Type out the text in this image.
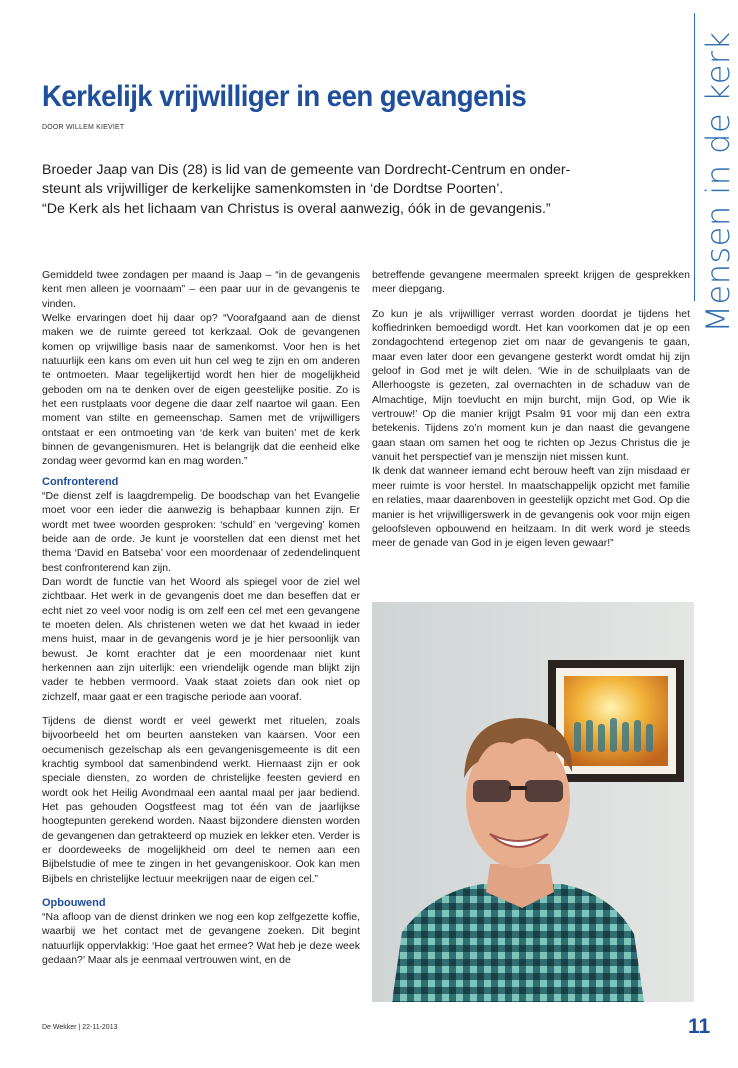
Mensen in de kerk
Kerkelijk vrijwilliger in een gevangenis
DOOR WILLEM KIEVIET

Broeder Jaap van Dis (28) is lid van de gemeente van Dordrecht-Centrum en onder-

steunt als vrijwilliger de kerkelijke samenkomsten in ‘de Dordtse Poorten’.

“De Kerk als het lichaam van Christus is overal aanwezig, óók in de gevangenis.”

Gemiddeld twee zondagen per maand is Jaap – “in de gevangenis kent men alleen je voornaam” – een paar uur in de gevangenis te vinden.

Welke ervaringen doet hij daar op? “Voorafgaand aan de dienst maken we de ruimte gereed tot kerkzaal. Ook de gevangenen komen op vrijwillige basis naar de samenkomst. Voor hen is het natuurlijk een kans om even uit hun cel weg te zijn en om anderen te ontmoeten. Maar tegelijkertijd wordt hen hier de mogelijkheid geboden om na te denken over de eigen geestelijke positie. Zo is het een rustplaats voor degene die daar zelf naartoe wil gaan. Een moment van stilte en gemeenschap. Samen met de vrijwilligers ontstaat er een ontmoeting van ‘de kerk van buiten’ met de kerk binnen de gevangenismuren. Het is belangrijk dat die eenheid elke zondag weer gevormd kan en mag worden.”

Confronterend

“De dienst zelf is laagdrempelig. De boodschap van het Evangelie moet voor een ieder die aanwezig is behapbaar kunnen zijn. Er wordt met twee woorden gesproken: ‘schuld’ en ‘vergeving’ komen beide aan de orde. Je kunt je voorstellen dat een dienst met het thema ‘David en Batseba’ voor een moordenaar of zedendelinquent best confronterend kan zijn.

Dan wordt de functie van het Woord als spiegel voor de ziel wel zichtbaar. Het werk in de gevangenis doet me dan beseffen dat er echt niet zo veel voor nodig is om zelf een cel met een gevangene te moeten delen. Als christenen weten we dat het kwaad in ieder mens huist, maar in de gevangenis word je je hier persoonlijk van bewust. Je komt erachter dat je een moordenaar niet kunt herkennen aan zijn uiterlijk: een vriendelijk ogende man blijkt zijn vader te hebben vermoord. Vaak staat zoiets dan ook niet op zichzelf, maar gaat er een tragische periode aan vooraf.

Tijdens de dienst wordt er veel gewerkt met rituelen, zoals bijvoorbeeld het om beurten aansteken van kaarsen. Voor een oecumenisch gezelschap als een gevangenisgemeente is dit een krachtig symbool dat samenbindend werkt. Hiernaast zijn er ook speciale diensten, zo worden de christelijke feesten gevierd en wordt ook het Heilig Avondmaal een aantal maal per jaar bediend. Het pas gehouden Oogstfeest mag tot één van de jaarlijkse hoogtepunten gerekend worden. Naast bijzondere diensten worden de gevangenen dan getrakteerd op muziek en lekker eten. Verder is er doordeweeks de mogelijkheid om deel te nemen aan een Bijbelstudie of mee te zingen in het gevangeniskoor. Ook kan men Bijbels en christelijke lectuur meekrijgen naar de eigen cel.”

Opbouwend

“Na afloop van de dienst drinken we nog een kop zelfgezette koffie, waarbij we het contact met de gevangene zoeken. Dit begint natuurlijk oppervlakkig: ‘Hoe gaat het ermee? Wat heb je deze week gedaan?’ Maar als je eenmaal vertrouwen wint, en de

betreffende gevangene meermalen spreekt krijgen de gesprekken meer diepgang.

Zo kun je als vrijwilliger verrast worden doordat je tijdens het koffiedrinken bemoedigd wordt. Het kan voorkomen dat je op een zondagochtend ertegenop ziet om naar de gevangenis te gaan, maar even later door een gevangene gesterkt wordt omdat hij zijn geloof in God met je wilt delen. ‘Wie in de schuilplaats van de Allerhoogste is gezeten, zal overnachten in de schaduw van de Almachtige, Mijn toevlucht en mijn burcht, mijn God, op Wie ik vertrouw!’ Op die manier krijgt Psalm 91 voor mij dan een extra betekenis. Tijdens zo’n moment kun je dan naast die gevangene gaan staan om samen het oog te richten op Jezus Christus die je vanuit het perspectief van je menszijn niet missen kunt.

Ik denk dat wanneer iemand echt berouw heeft van zijn misdaad er meer ruimte is voor herstel. In maatschappelijk opzicht met familie en relaties, maar daarenboven in geestelijk opzicht met God. Op die manier is het vrijwilligerswerk in de gevangenis ook voor mijn eigen geloofsleven opbouwend en heilzaam. In dit werk word je steeds meer de genade van God in je eigen leven gewaar!”

De Wekker | 22-11-2013	11
